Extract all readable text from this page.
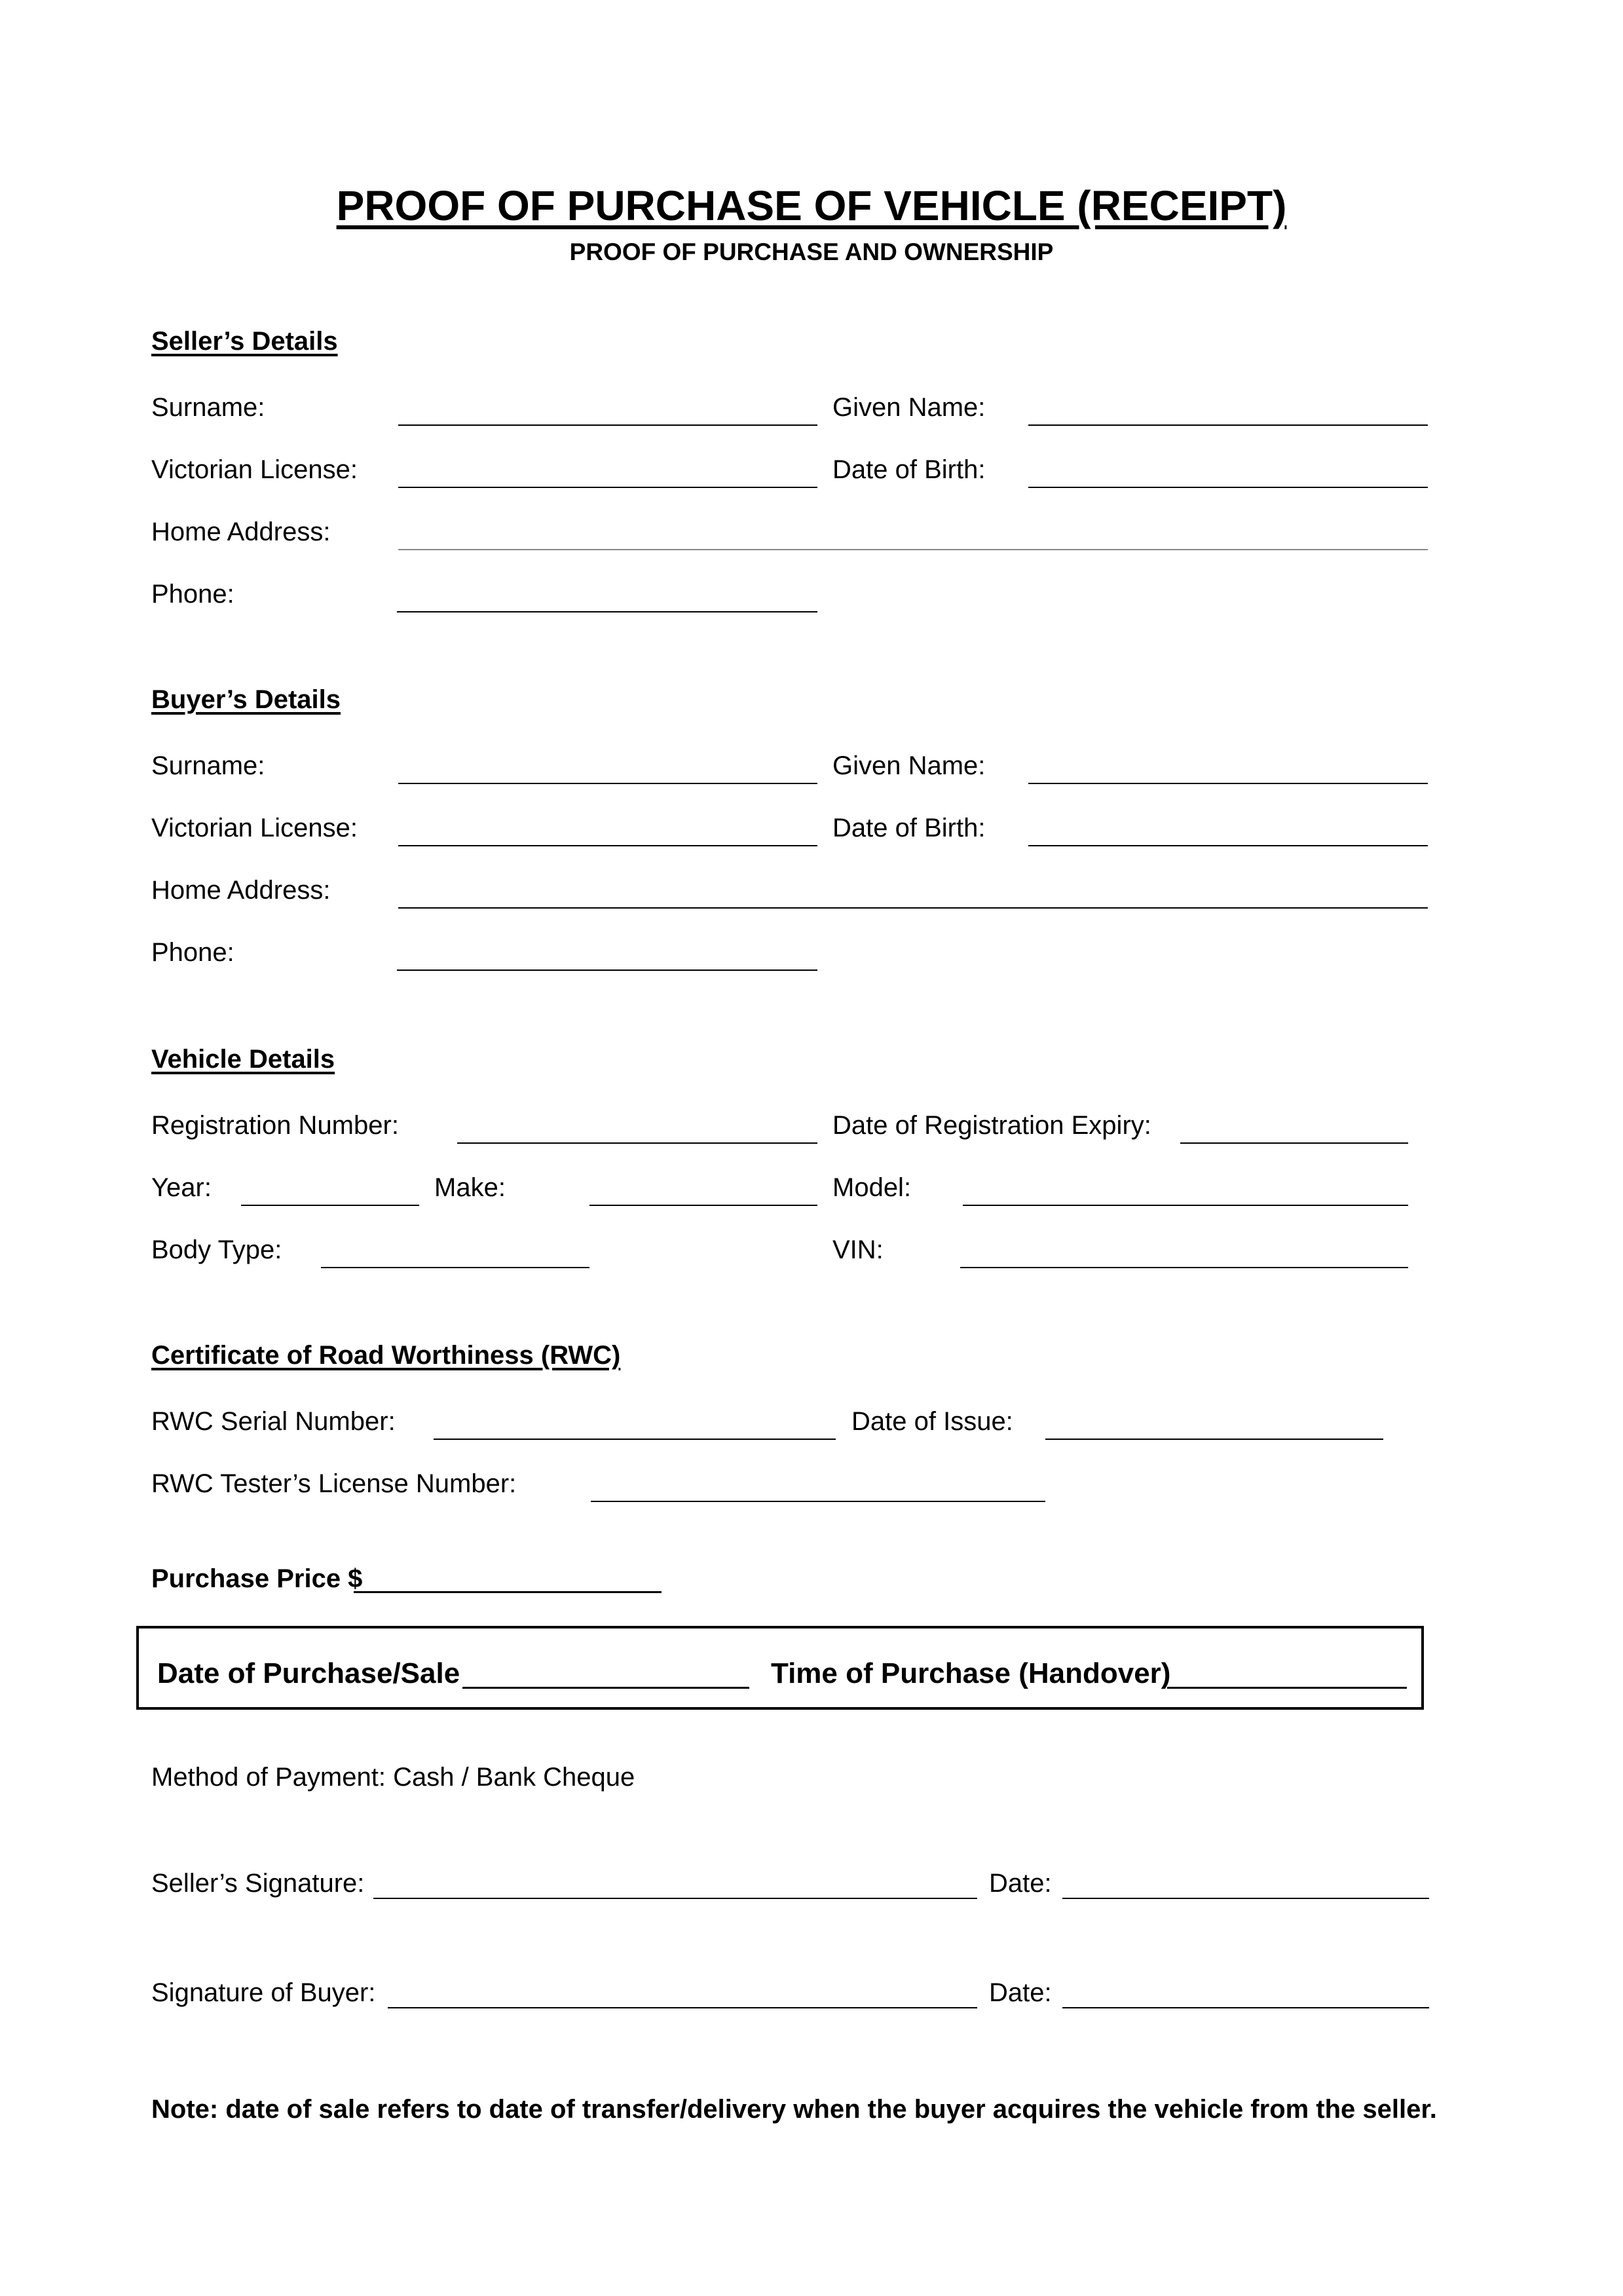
PROOF OF PURCHASE OF VEHICLE (RECEIPT)
PROOF OF PURCHASE AND OWNERSHIP
Seller’s Details
Surname:	Given Name:
Victorian License:	Date of Birth:
Home Address:
Phone:
Buyer’s Details
Surname:	Given Name:
Victorian License:	Date of Birth:
Home Address:
Phone:
Vehicle Details
Registration Number:	Date of Registration Expiry:
Year:	Make:	Model:
Body Type:	VIN:
Certificate of Road Worthiness (RWC)
RWC Serial Number:	Date of Issue:
RWC Tester’s License Number:
Purchase Price $
Date of Purchase/Sale	Time of Purchase (Handover)
Method of Payment: Cash / Bank Cheque
Seller’s Signature:	Date:
Signature of Buyer:	Date:
Note: date of sale refers to date of transfer/delivery when the buyer acquires the vehicle from the seller.
